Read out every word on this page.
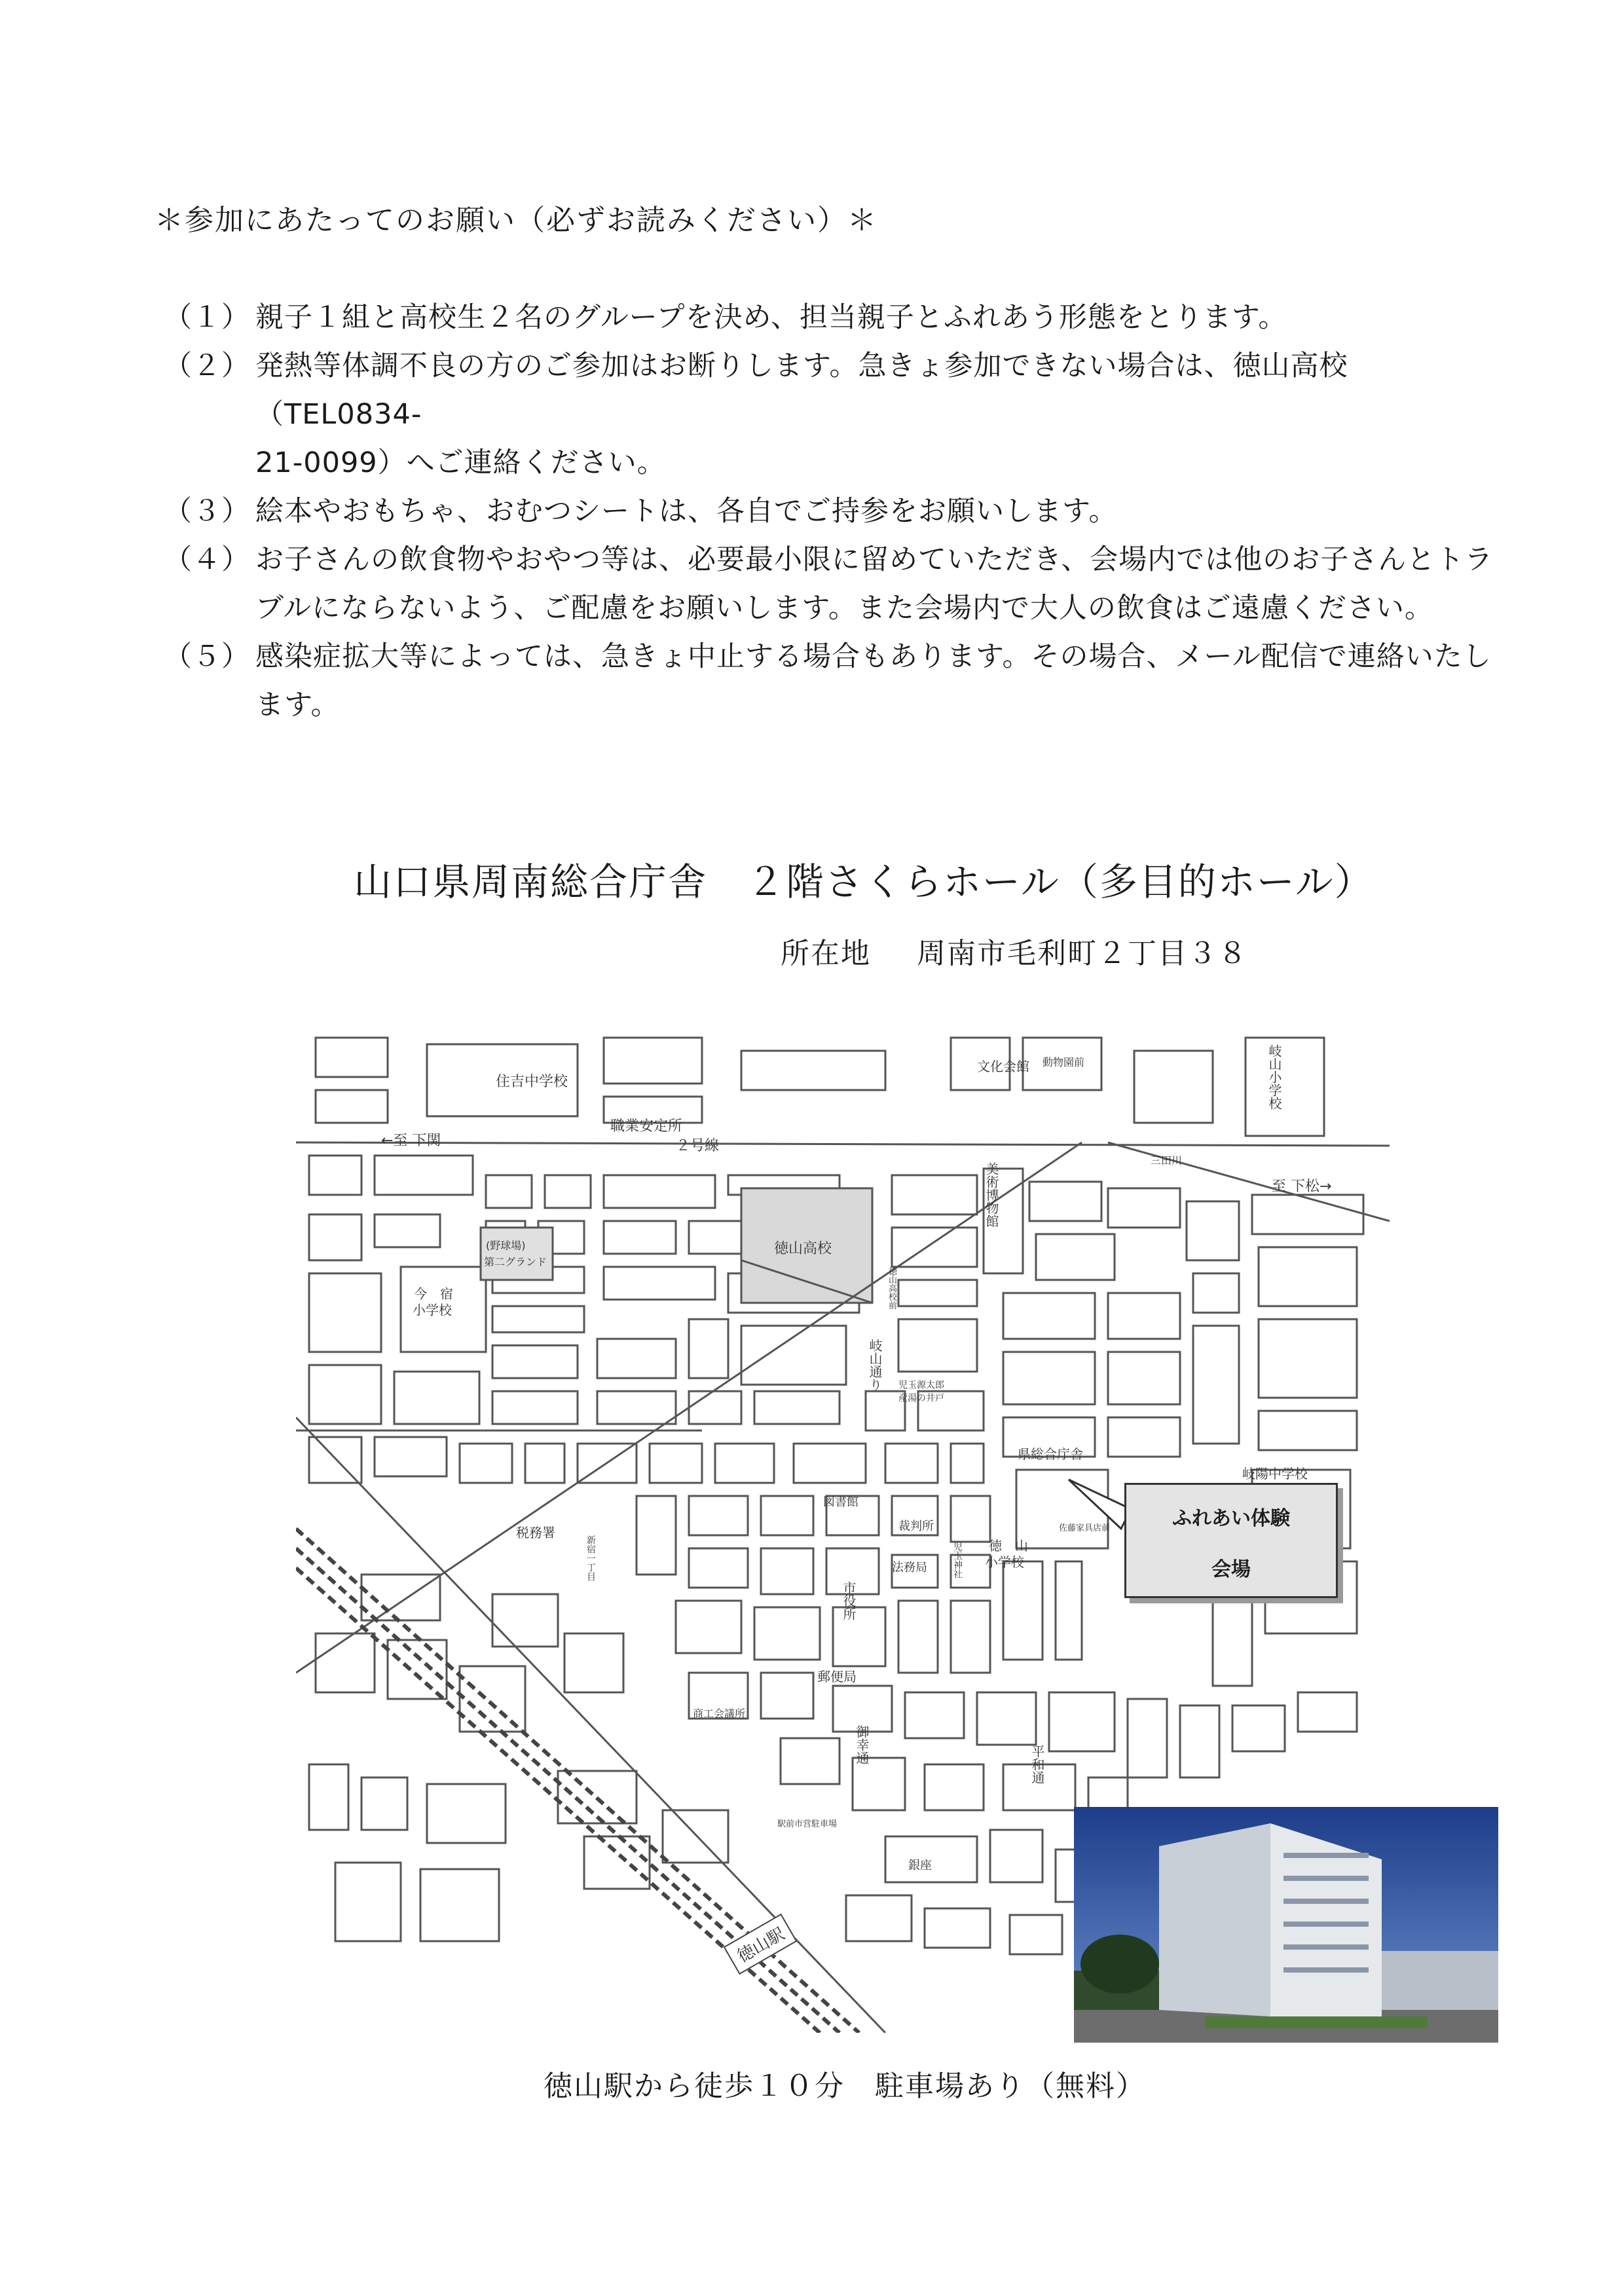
＊参加にあたってのお願い（必ずお読みください）＊
（１） 親子１組と高校生２名のグループを決め、担当親子とふれあう形態をとります。
（２） 発熱等体調不良の方のご参加はお断りします。急きょ参加できない場合は、徳山高校（TEL0834-
21-0099）へご連絡ください。
（３） 絵本やおもちゃ、おむつシートは、各自でご持参をお願いします。
（４） お子さんの飲食物やおやつ等は、必要最小限に留めていただき、会場内では他のお子さんとトラ
ブルにならないよう、ご配慮をお願いします。また会場内で大人の飲食はご遠慮ください。
（５） 感染症拡大等によっては、急きょ中止する場合もあります。その場合、メール配信で連絡いたし
ます。
山口県周南総合庁舎　２階さくらホール（多目的ホール）
所在地 周南市毛利町２丁目３８
住吉中学校
←至 下関
職業安定所
２号線
文化会館 動物園前	岐山小学校
三田川
至 下松→
美術博物館
徳山高校
徳山高校前
(野球場)
第二グランド
今　宿
小学校
岐山通り 児玉源太郎
産湯の井戸
県総合庁舎
岐陽中学校
図書館
裁判所
税務署
新宿一丁目	法務局	児玉神社 徳　山
小学校
佐藤家具店前
市役所
郵便局
商工会議所
御幸通	平和通
駅前市営駐車場
銀座
徳山駅
ふれあい体験
会場
徳山駅から徒歩１０分　駐車場あり（無料）
